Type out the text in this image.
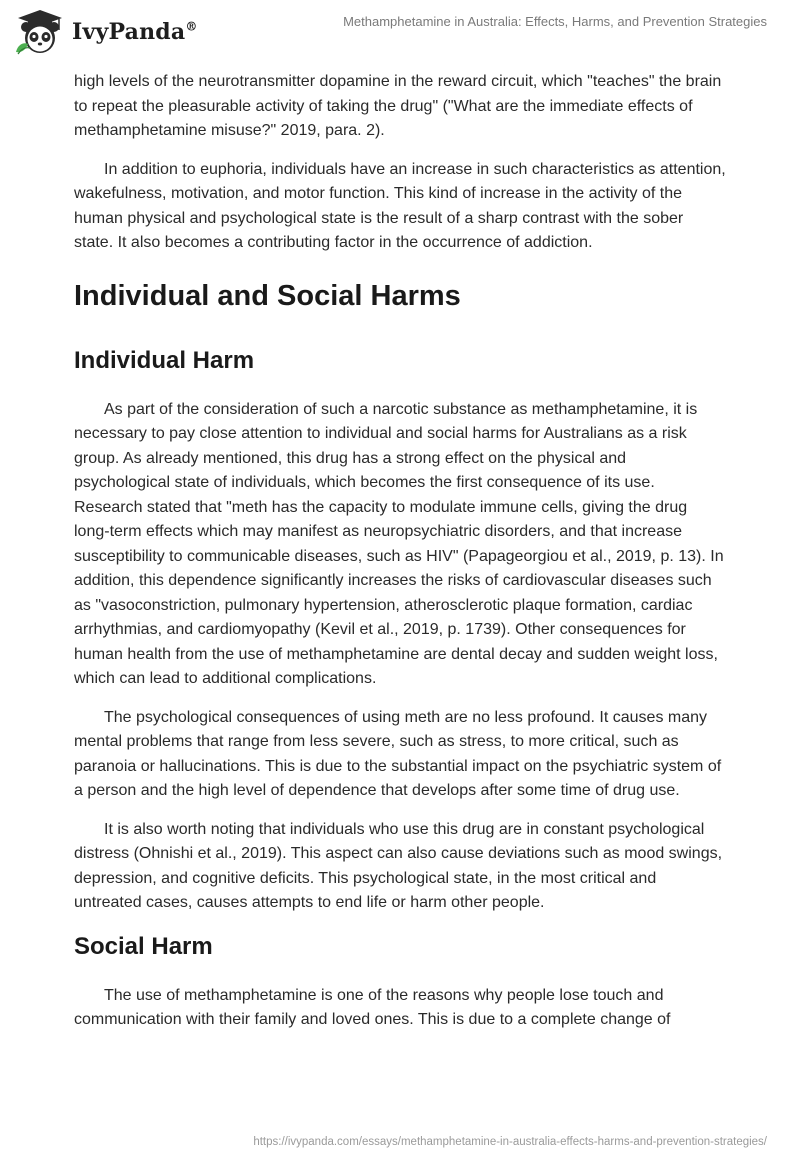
IvyPanda®	Methamphetamine in Australia: Effects, Harms, and Prevention Strategies

high levels of the neurotransmitter dopamine in the reward circuit, which "teaches" the brain to repeat the pleasurable activity of taking the drug" ("What are the immediate effects of methamphetamine misuse?" 2019, para. 2).

In addition to euphoria, individuals have an increase in such characteristics as attention, wakefulness, motivation, and motor function. This kind of increase in the activity of the human physical and psychological state is the result of a sharp contrast with the sober state. It also becomes a contributing factor in the occurrence of addiction.

Individual and Social Harms
Individual Harm

As part of the consideration of such a narcotic substance as methamphetamine, it is necessary to pay close attention to individual and social harms for Australians as a risk group. As already mentioned, this drug has a strong effect on the physical and psychological state of individuals, which becomes the first consequence of its use. Research stated that "meth has the capacity to modulate immune cells, giving the drug long-term effects which may manifest as neuropsychiatric disorders, and that increase susceptibility to communicable diseases, such as HIV" (Papageorgiou et al., 2019, p. 13). In addition, this dependence significantly increases the risks of cardiovascular diseases such as "vasoconstriction, pulmonary hypertension, atherosclerotic plaque formation, cardiac arrhythmias, and cardiomyopathy (Kevil et al., 2019, p. 1739). Other consequences for human health from the use of methamphetamine are dental decay and sudden weight loss, which can lead to additional complications.

The psychological consequences of using meth are no less profound. It causes many mental problems that range from less severe, such as stress, to more critical, such as paranoia or hallucinations. This is due to the substantial impact on the psychiatric system of a person and the high level of dependence that develops after some time of drug use.

It is also worth noting that individuals who use this drug are in constant psychological distress (Ohnishi et al., 2019). This aspect can also cause deviations such as mood swings, depression, and cognitive deficits. This psychological state, in the most critical and untreated cases, causes attempts to end life or harm other people.

Social Harm

The use of methamphetamine is one of the reasons why people lose touch and communication with their family and loved ones. This is due to a complete change of

https://ivypanda.com/essays/methamphetamine-in-australia-effects-harms-and-prevention-strategies/
